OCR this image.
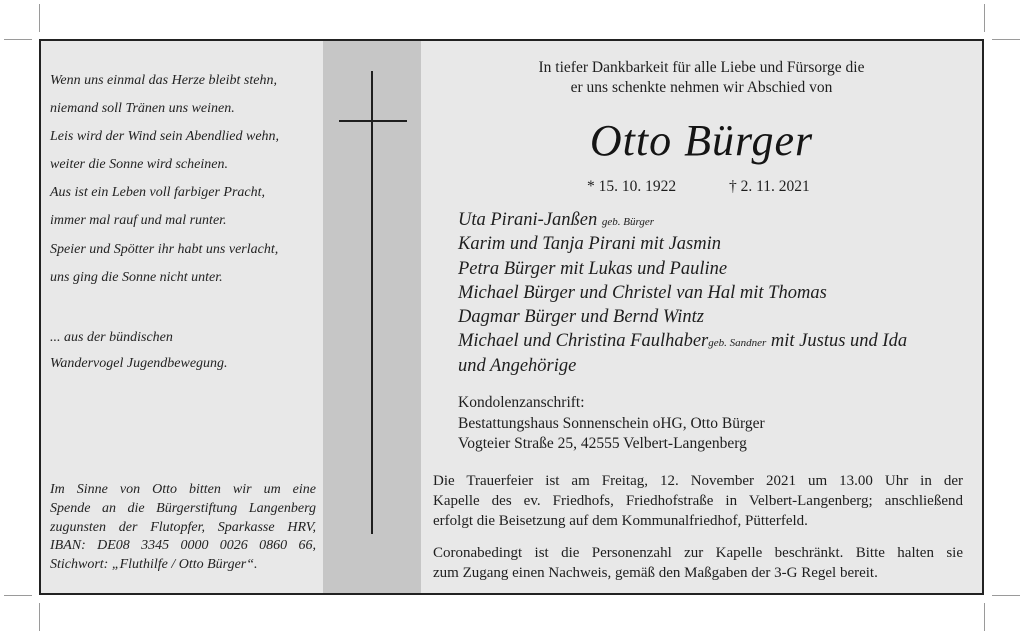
Wenn uns einmal das Herze bleibt stehn,
niemand soll Tränen uns weinen.
Leis wird der Wind sein Abendlied wehn,
weiter die Sonne wird scheinen.
Aus ist ein Leben voll farbiger Pracht,
immer mal rauf und mal runter.
Speier und Spötter ihr habt uns verlacht,
uns ging die Sonne nicht unter.
... aus der bündischen
Wandervogel Jugendbewegung.
Im Sinne von Otto bitten wir um eine
Spende an die Bürgerstiftung Langenberg
zugunsten der Flutopfer, Sparkasse HRV,
IBAN: DE08 3345 0000 0026 0860 66,
Stichwort: „Fluthilfe / Otto Bürger“.
In tiefer Dankbarkeit für alle Liebe und Fürsorge die
er uns schenkte nehmen wir Abschied von
Otto Bürger
* 15. 10. 1922	† 2. 11. 2021
Uta Pirani-Janßen geb. Bürger
Karim und Tanja Pirani mit Jasmin
Petra Bürger mit Lukas und Pauline
Michael Bürger und Christel van Hal mit Thomas
Dagmar Bürger und Bernd Wintz
Michael und Christina Faulhabergeb. Sandner mit Justus und Ida
und Angehörige
Kondolenzanschrift:
Bestattungshaus Sonnenschein oHG, Otto Bürger
Vogteier Straße 25, 42555 Velbert-Langenberg
Die Trauerfeier ist am Freitag, 12. November 2021 um 13.00 Uhr in der
Kapelle des ev. Friedhofs, Friedhofstraße in Velbert-Langenberg; anschließend
erfolgt die Beisetzung auf dem Kommunalfriedhof, Pütterfeld.
Coronabedingt ist die Personenzahl zur Kapelle beschränkt. Bitte halten sie
zum Zugang einen Nachweis, gemäß den Maßgaben der 3-G Regel bereit.
